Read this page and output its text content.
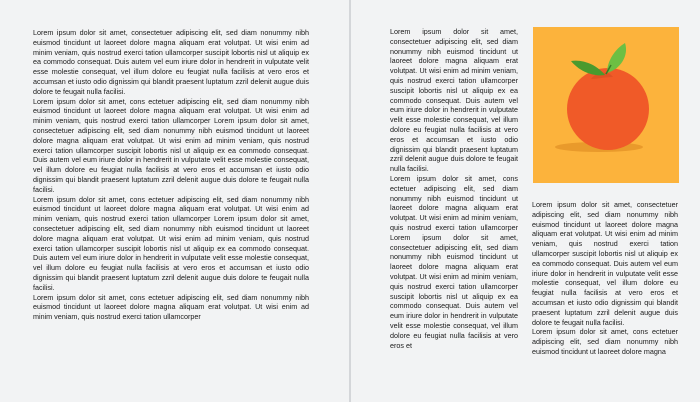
Lorem ipsum dolor sit amet, consectetuer adipiscing elit, sed diam nonummy nibh euismod tincidunt ut laoreet dolore magna aliquam erat volutpat. Ut wisi enim ad minim veniam, quis nostrud exerci tation ullamcorper suscipit lobortis nisl ut aliquip ex ea commodo consequat. Duis autem vel eum iriure dolor in hendrerit in vulputate velit esse molestie consequat, vel illum dolore eu feugiat nulla facilisis at vero eros et accumsan et iusto odio dignissim qui blandit praesent luptatum zzril delenit augue duis dolore te feugait nulla facilisi.

Lorem ipsum dolor sit amet, cons ectetuer adipiscing elit, sed diam nonummy nibh euismod tincidunt ut laoreet dolore magna aliquam erat volutpat. Ut wisi enim ad minim veniam, quis nostrud exerci tation ullamcorper Lorem ipsum dolor sit amet, consectetuer adipiscing elit, sed diam nonummy nibh euismod tincidunt ut laoreet dolore magna aliquam erat volutpat. Ut wisi enim ad minim veniam, quis nostrud exerci tation ullamcorper suscipit lobortis nisl ut aliquip ex ea commodo consequat. Duis autem vel eum iriure dolor in hendrerit in vulputate velit esse molestie consequat, vel illum dolore eu feugiat nulla facilisis at vero eros et accumsan et iusto odio dignissim qui blandit praesent luptatum zzril delenit augue duis dolore te feugait nulla facilisi.

Lorem ipsum dolor sit amet, cons ectetuer adipiscing elit, sed diam nonummy nibh euismod tincidunt ut laoreet dolore magna aliquam erat volutpat. Ut wisi enim ad minim veniam, quis nostrud exerci tation ullamcorper Lorem ipsum dolor sit amet, consectetuer adipiscing elit, sed diam nonummy nibh euismod tincidunt ut laoreet dolore magna aliquam erat volutpat. Ut wisi enim ad minim veniam, quis nostrud exerci tation ullamcorper suscipit lobortis nisl ut aliquip ex ea commodo consequat. Duis autem vel eum iriure dolor in hendrerit in vulputate velit esse molestie consequat, vel illum dolore eu feugiat nulla facilisis at vero eros et accumsan et iusto odio dignissim qui blandit praesent luptatum zzril delenit augue duis dolore te feugait nulla facilisi.

Lorem ipsum dolor sit amet, cons ectetuer adipiscing elit, sed diam nonummy nibh euismod tincidunt ut laoreet dolore magna aliquam erat volutpat. Ut wisi enim ad minim veniam, quis nostrud exerci tation ullamcorper

Lorem ipsum dolor sit amet, consectetuer adipiscing elit, sed diam nonummy nibh euismod tincidunt ut laoreet dolore magna aliquam erat volutpat. Ut wisi enim ad minim veniam, quis nostrud exerci tation ullamcorper suscipit lobortis nisl ut aliquip ex ea commodo consequat. Duis autem vel eum iriure dolor in hendrerit in vulputate velit esse molestie consequat, vel illum dolore eu feugiat nulla facilisis at vero eros et accumsan et iusto odio dignissim qui blandit praesent luptatum zzril delenit augue duis dolore te feugait nulla facilisi.

Lorem ipsum dolor sit amet, cons ectetuer adipiscing elit, sed diam nonummy nibh euismod tincidunt ut laoreet dolore magna aliquam erat volutpat. Ut wisi enim ad minim veniam, quis nostrud exerci tation ullamcorper Lorem ipsum dolor sit amet, consectetuer adipiscing elit, sed diam nonummy nibh euismod tincidunt ut laoreet dolore magna aliquam erat volutpat. Ut wisi enim ad minim veniam, quis nostrud exerci tation ullamcorper suscipit lobortis nisl ut aliquip ex ea commodo consequat. Duis autem vel eum iriure dolor in hendrerit in vulputate velit esse molestie consequat, vel illum dolore eu feugiat nulla facilisis at vero eros et

Lorem ipsum dolor sit amet, consectetuer adipiscing elit, sed diam nonummy nibh euismod tincidunt ut laoreet dolore magna aliquam erat volutpat. Ut wisi enim ad minim veniam, quis nostrud exerci tation ullamcorper suscipit lobortis nisl ut aliquip ex ea commodo consequat. Duis autem vel eum iriure dolor in hendrerit in vulputate velit esse molestie consequat, vel illum dolore eu feugiat nulla facilisis at vero eros et accumsan et iusto odio dignissim qui blandit praesent luptatum zzril delenit augue duis dolore te feugait nulla facilisi.

Lorem ipsum dolor sit amet, cons ectetuer adipiscing elit, sed diam nonummy nibh euismod tincidunt ut laoreet dolore magna
